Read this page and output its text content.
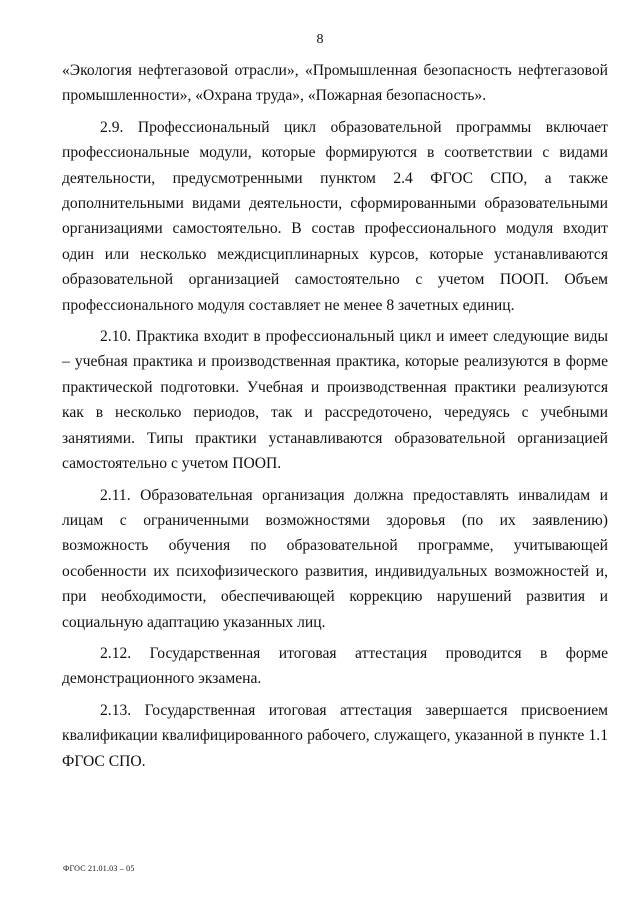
8

«Экология нефтегазовой отрасли», «Промышленная безопасность нефтегазовой промышленности», «Охрана труда», «Пожарная безопасность».

2.9. Профессиональный цикл образовательной программы включает профессиональные модули, которые формируются в соответствии с видами деятельности, предусмотренными пунктом 2.4 ФГОС СПО, а также дополнительными видами деятельности, сформированными образовательными организациями самостоятельно. В состав профессионального модуля входит один или несколько междисциплинарных курсов, которые устанавливаются образовательной организацией самостоятельно с учетом ПООП. Объем профессионального модуля составляет не менее 8 зачетных единиц.

2.10. Практика входит в профессиональный цикл и имеет следующие виды – учебная практика и производственная практика, которые реализуются в форме практической подготовки. Учебная и производственная практики реализуются как в несколько периодов, так и рассредоточено, чередуясь с учебными занятиями. Типы практики устанавливаются образовательной организацией самостоятельно с учетом ПООП.

2.11. Образовательная организация должна предоставлять инвалидам и лицам с ограниченными возможностями здоровья (по их заявлению) возможность обучения по образовательной программе, учитывающей особенности их психофизического развития, индивидуальных возможностей и, при необходимости, обеспечивающей коррекцию нарушений развития и социальную адаптацию указанных лиц.

2.12. Государственная итоговая аттестация проводится в форме демонстрационного экзамена.

2.13. Государственная итоговая аттестация завершается присвоением квалификации квалифицированного рабочего, служащего, указанной в пункте 1.1 ФГОС СПО.

ФГОС 21.01.03 – 05
